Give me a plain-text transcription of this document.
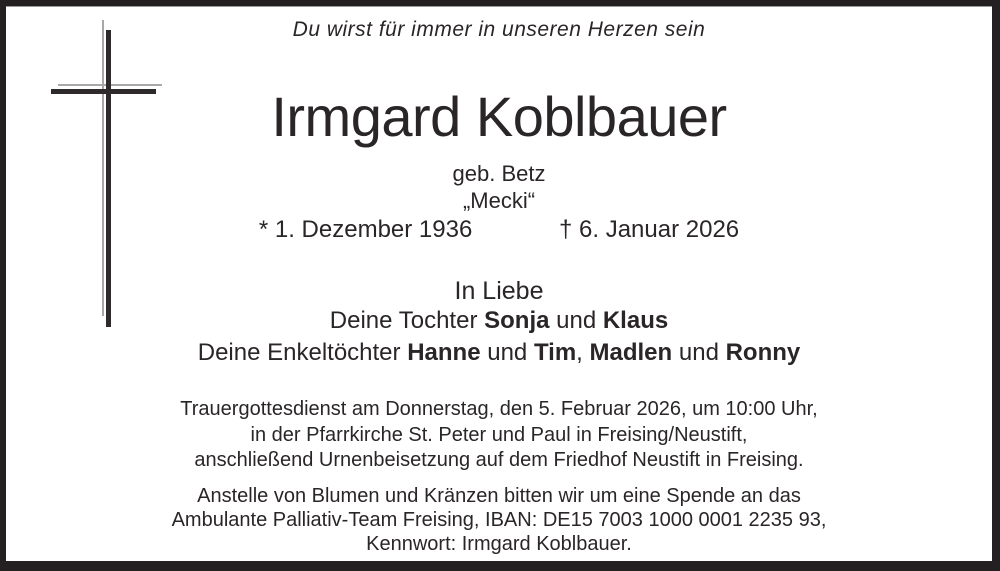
Du wirst für immer in unseren Herzen sein
Irmgard Koblbauer
geb. Betz
„Mecki“
* 1. Dezember 1936	† 6. Januar 2026
In Liebe
Deine Tochter Sonja und Klaus
Deine Enkeltöchter Hanne und Tim, Madlen und Ronny
Trauergottesdienst am Donnerstag, den 5. Februar 2026, um 10:00 Uhr,
in der Pfarrkirche St. Peter und Paul in Freising/Neustift,
anschließend Urnenbeisetzung auf dem Friedhof Neustift in Freising.
Anstelle von Blumen und Kränzen bitten wir um eine Spende an das
Ambulante Palliativ-Team Freising, IBAN: DE15 7003 1000 0001 2235 93,
Kennwort: Irmgard Koblbauer.
